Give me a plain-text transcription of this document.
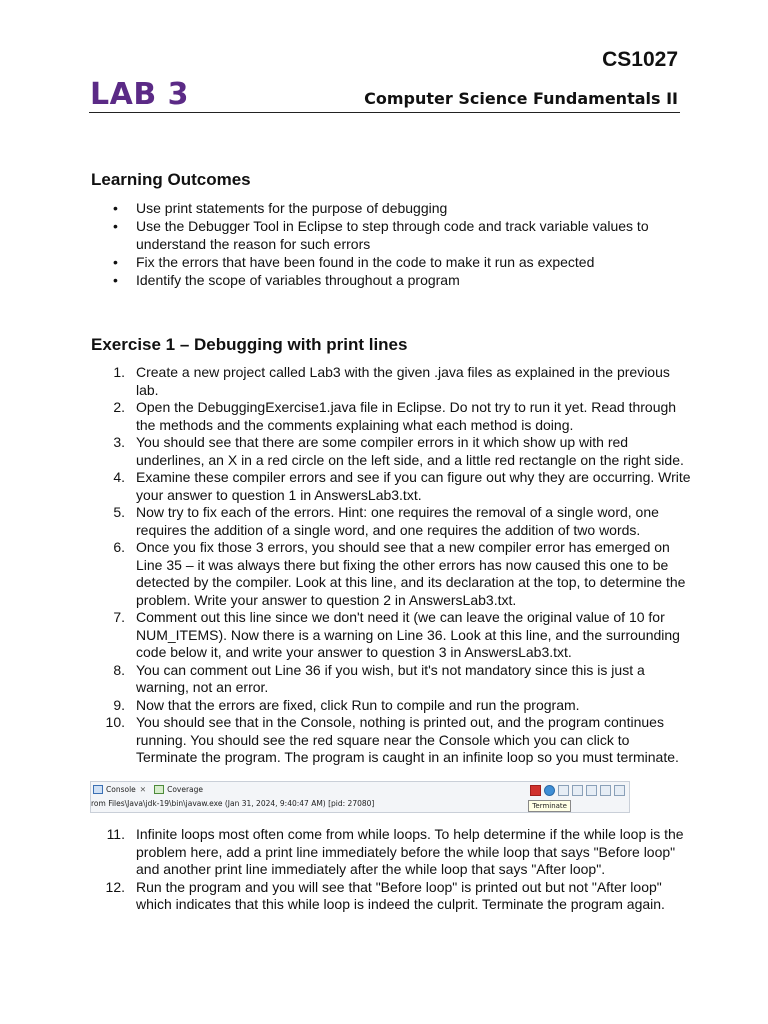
CS1027
LAB 3	Computer Science Fundamentals II
Learning Outcomes
• Use print statements for the purpose of debugging
• Use the Debugger Tool in Eclipse to step through code and track variable values to understand the reason for such errors
• Fix the errors that have been found in the code to make it run as expected
• Identify the scope of variables throughout a program
Exercise 1 – Debugging with print lines
1. Create a new project called Lab3 with the given .java files as explained in the previous lab.
2. Open the DebuggingExercise1.java file in Eclipse. Do not try to run it yet. Read through the methods and the comments explaining what each method is doing.
3. You should see that there are some compiler errors in it which show up with red underlines, an X in a red circle on the left side, and a little red rectangle on the right side.
4. Examine these compiler errors and see if you can figure out why they are occurring. Write your answer to question 1 in AnswersLab3.txt.
5. Now try to fix each of the errors. Hint: one requires the removal of a single word, one requires the addition of a single word, and one requires the addition of two words.
6. Once you fix those 3 errors, you should see that a new compiler error has emerged on Line 35 – it was always there but fixing the other errors has now caused this one to be detected by the compiler. Look at this line, and its declaration at the top, to determine the problem. Write your answer to question 2 in AnswersLab3.txt.
7. Comment out this line since we don't need it (we can leave the original value of 10 for NUM_ITEMS). Now there is a warning on Line 36. Look at this line, and the surrounding code below it, and write your answer to question 3 in AnswersLab3.txt.
8. You can comment out Line 36 if you wish, but it's not mandatory since this is just a warning, not an error.
9. Now that the errors are fixed, click Run to compile and run the program.
10. You should see that in the Console, nothing is printed out, and the program continues running. You should see the red square near the Console which you can click to Terminate the program. The program is caught in an infinite loop so you must terminate.
Console ✕	Coverage
rom Files\Java\jdk-19\bin\javaw.exe (Jan 31, 2024, 9:40:47 AM) [pid: 27080]	Terminate
11. Infinite loops most often come from while loops. To help determine if the while loop is the problem here, add a print line immediately before the while loop that says "Before loop" and another print line immediately after the while loop that says "After loop".
12. Run the program and you will see that "Before loop" is printed out but not "After loop" which indicates that this while loop is indeed the culprit. Terminate the program again.
